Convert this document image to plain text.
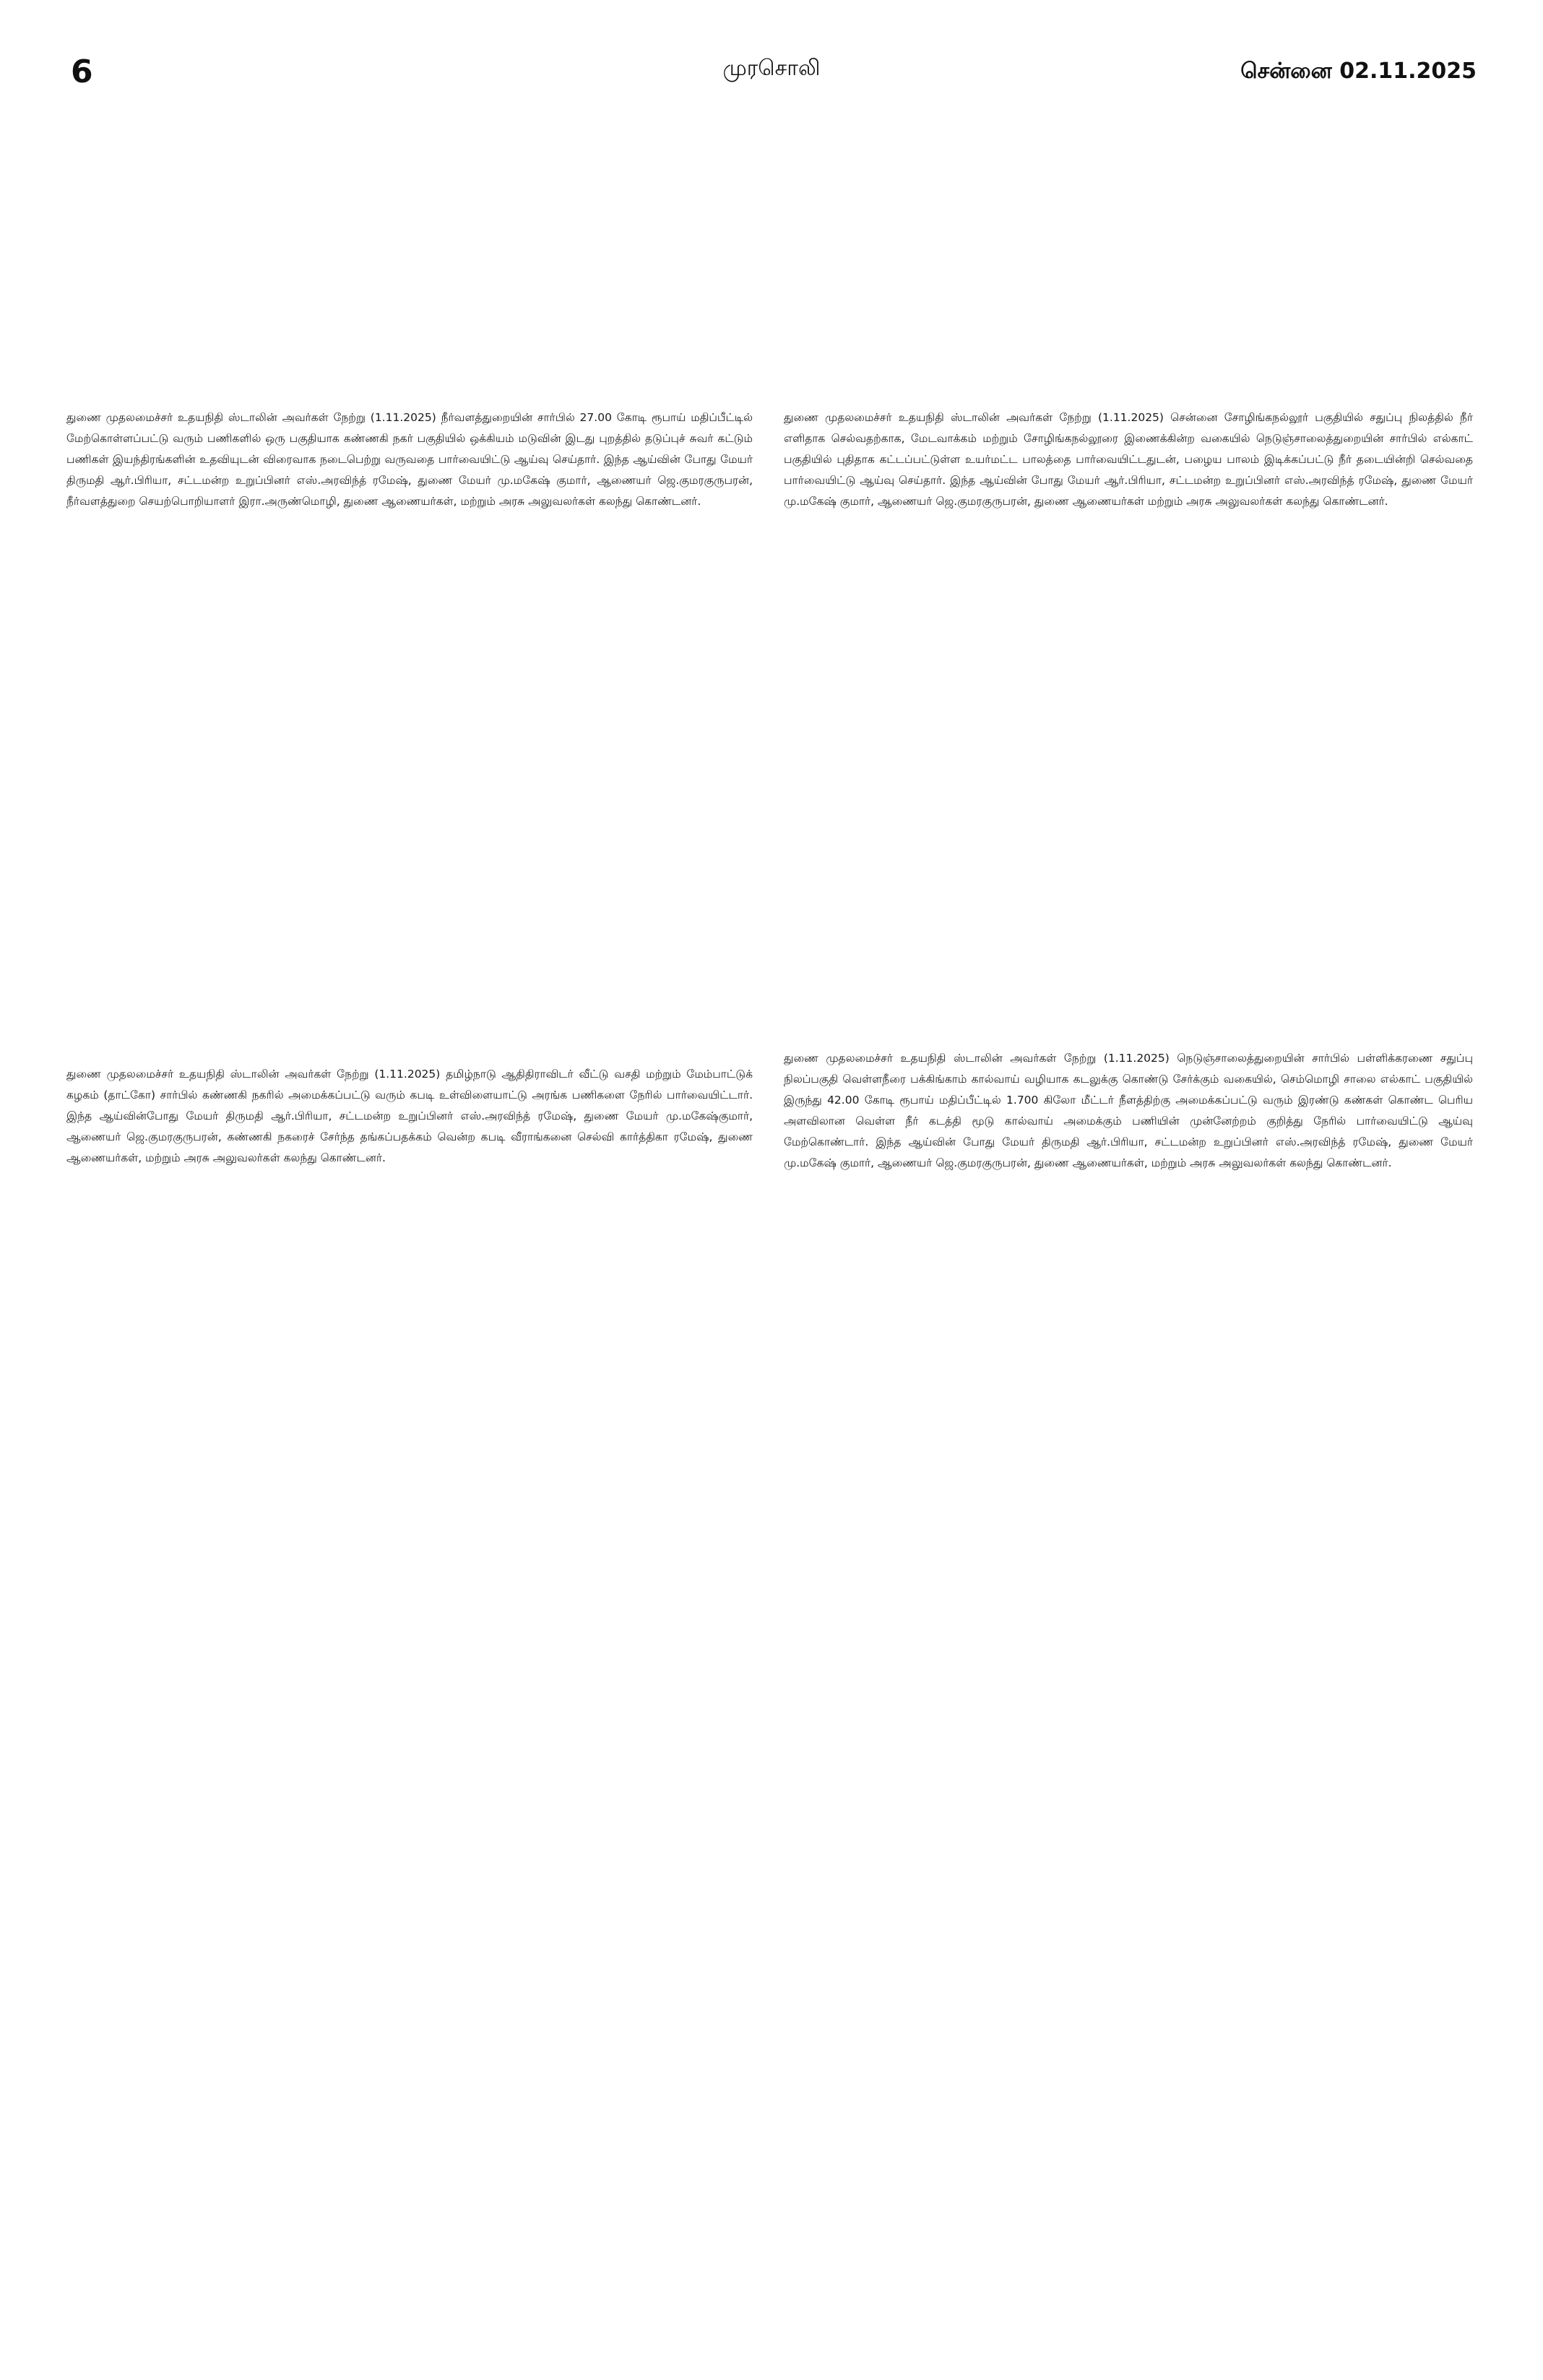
6	முரசொலி	சென்னை 02.11.2025

துணை முதலமைச்சர் உதயநிதி ஸ்டாலின் அவர்கள் நேற்று (1.11.2025) நீர்வளத்துறையின் சார்பில் 27.00 கோடி ரூபாய் மதிப்பீட்டில் மேற்கொள்ளப்பட்டு வரும் பணிகளில் ஒரு பகுதியாக கண்ணகி நகர் பகுதியில் ஒக்கியம் மடுவின் இடது புறத்தில் தடுப்புச் சுவர் கட்டும் பணிகள் இயந்திரங்களின் உதவியுடன் விரைவாக நடைபெற்று வருவதை பார்வையிட்டு ஆய்வு செய்தார். இந்த ஆய்வின் போது மேயர் திருமதி ஆர்.பிரியா, சட்டமன்ற உறுப்பினர் எஸ்.அரவிந்த் ரமேஷ், துணை மேயர் மு.மகேஷ் குமார், ஆணையர் ஜெ.குமரகுருபரன், நீர்வளத்துறை செயற்பொறியாளர் இரா.அருண்மொழி, துணை ஆணையர்கள், மற்றும் அரசு அலுவலர்கள் கலந்து கொண்டனர்.

துணை முதலமைச்சர் உதயநிதி ஸ்டாலின் அவர்கள் நேற்று (1.11.2025) சென்னை சோழிங்கநல்லூர் பகுதியில் சதுப்பு நிலத்தில் நீர் எளிதாக செல்வதற்காக, மேடவாக்கம் மற்றும் சோழிங்கநல்லூரை இணைக்கின்ற வகையில் நெடுஞ்சாலைத்துறையின் சார்பில் எல்காட் பகுதியில் புதிதாக கட்டப்பட்டுள்ள உயர்மட்ட பாலத்தை பார்வையிட்டதுடன், பழைய பாலம் இடிக்கப்பட்டு நீர் தடையின்றி செல்வதை பார்வையிட்டு ஆய்வு செய்தார். இந்த ஆய்வின் போது மேயர் ஆர்.பிரியா, சட்டமன்ற உறுப்பினர் எஸ்.அரவிந்த் ரமேஷ், துணை மேயர் மு.மகேஷ் குமார், ஆணையர் ஜெ.குமரகுருபரன், துணை ஆணையர்கள் மற்றும் அரசு அலுவலர்கள் கலந்து கொண்டனர்.

துணை முதலமைச்சர் உதயநிதி ஸ்டாலின் அவர்கள் நேற்று (1.11.2025) தமிழ்நாடு ஆதிதிராவிடர் வீட்டு வசதி மற்றும் மேம்பாட்டுக் கழகம் (தாட்கோ) சார்பில் கண்ணகி நகரில் அமைக்கப்பட்டு வரும் கபடி உள்விளையாட்டு அரங்க பணிகளை நேரில் பார்வையிட்டார். இந்த ஆய்வின்போது மேயர் திருமதி ஆர்.பிரியா, சட்டமன்ற உறுப்பினர் எஸ்.அரவிந்த் ரமேஷ், துணை மேயர் மு.மகேஷ்குமார், ஆணையர் ஜெ.குமரகுருபரன், கண்ணகி நகரைச் சேர்ந்த தங்கப்பதக்கம் வென்ற கபடி வீராங்கனை செல்வி கார்த்திகா ரமேஷ், துணை ஆணையர்கள், மற்றும் அரசு அலுவலர்கள் கலந்து கொண்டனர்.

துணை முதலமைச்சர் உதயநிதி ஸ்டாலின் அவர்கள் நேற்று (1.11.2025) நெடுஞ்சாலைத்துறையின் சார்பில் பள்ளிக்கரணை சதுப்பு நிலப்பகுதி வெள்ளநீரை பக்கிங்காம் கால்வாய் வழியாக கடலுக்கு கொண்டு சேர்க்கும் வகையில், செம்மொழி சாலை எல்காட் பகுதியில் இருந்து 42.00 கோடி ரூபாய் மதிப்பீட்டில் 1.700 கிலோ மீட்டர் நீளத்திற்கு அமைக்கப்பட்டு வரும் இரண்டு கண்கள் கொண்ட பெரிய அளவிலான வெள்ள நீர் கடத்தி மூடு கால்வாய் அமைக்கும் பணியின் முன்னேற்றம் குறித்து நேரில் பார்வையிட்டு ஆய்வு மேற்கொண்டார். இந்த ஆய்வின் போது மேயர் திருமதி ஆர்.பிரியா, சட்டமன்ற உறுப்பினர் எஸ்.அரவிந்த் ரமேஷ், துணை மேயர் மு.மகேஷ் குமார், ஆணையர் ஜெ.குமரகுருபரன், துணை ஆணையர்கள், மற்றும் அரசு அலுவலர்கள் கலந்து கொண்டனர்.
